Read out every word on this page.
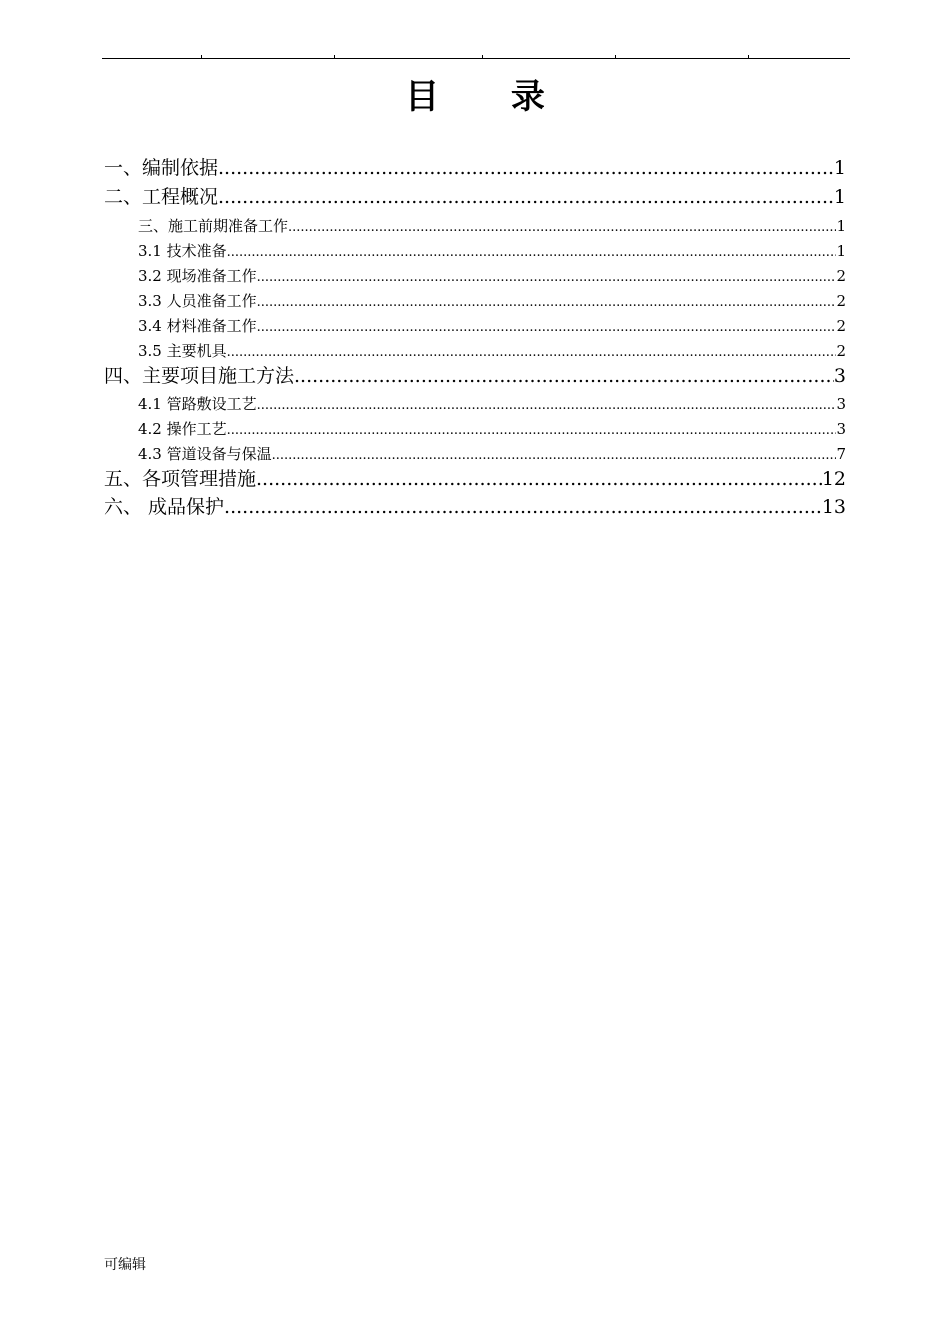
目 录
一、编制依据 .....	1
二、工程概况 .....	1
三、施工前期准备工作 .....	1
3.1 技术准备 .....	1
3.2 现场准备工作 .....	2
3.3 人员准备工作 .....	2
3.4 材料准备工作 .....	2
3.5 主要机具 .....	2
四、主要项目施工方法 .....	3
4.1 管路敷设工艺 .....	3
4.2 操作工艺 .....	3
4.3 管道设备与保温 .....	7
五、各项管理措施 .....	12
六、 成品保护 .....	13
可编辑
